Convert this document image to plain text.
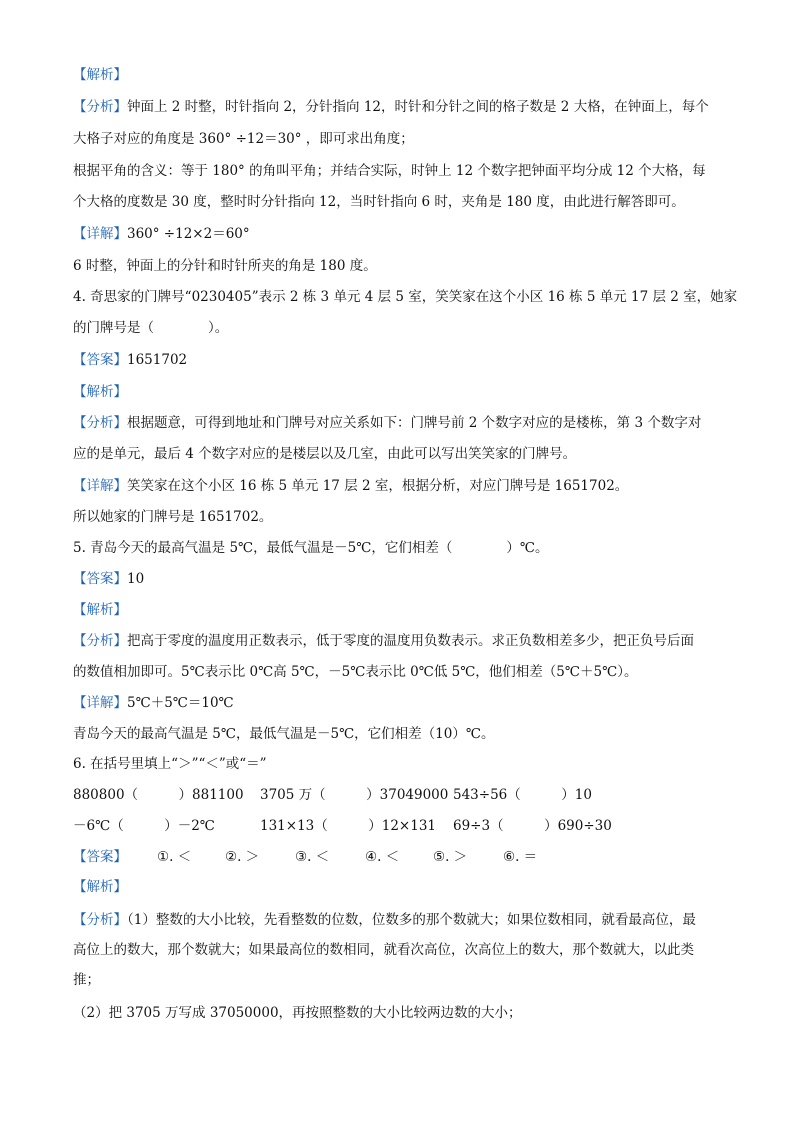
【解析】
【分析】钟面上 2 时整，时针指向 2，分针指向 12，时针和分针之间的格子数是 2 大格，在钟面上，每个
大格子对应的角度是 360° ÷12＝30° ，即可求出角度；
根据平角的含义：等于 180° 的角叫平角；并结合实际，时钟上 12 个数字把钟面平均分成 12 个大格，每
个大格的度数是 30 度，整时时分针指向 12，当时针指向 6 时，夹角是 180 度，由此进行解答即可。
【详解】360° ÷12×2＝60°
6 时整，钟面上的分针和时针所夹的角是 180 度。
4. 奇思家的门牌号“0230405”表示 2 栋 3 单元 4 层 5 室，笑笑家在这个小区 16 栋 5 单元 17 层 2 室，她家
的门牌号是（　　　　）。
【答案】1651702
【解析】
【分析】根据题意，可得到地址和门牌号对应关系如下：门牌号前 2 个数字对应的是楼栋，第 3 个数字对
应的是单元，最后 4 个数字对应的是楼层以及几室，由此可以写出笑笑家的门牌号。
【详解】笑笑家在这个小区 16 栋 5 单元 17 层 2 室，根据分析，对应门牌号是 1651702。
所以她家的门牌号是 1651702。
5. 青岛今天的最高气温是 5℃，最低气温是－5℃，它们相差（　　　　）℃。
【答案】10
【解析】
【分析】把高于零度的温度用正数表示，低于零度的温度用负数表示。求正负数相差多少，把正负号后面
的数值相加即可。5℃表示比 0℃高 5℃，－5℃表示比 0℃低 5℃，他们相差（5℃＋5℃）。
【详解】5℃＋5℃＝10℃
青岛今天的最高气温是 5℃，最低气温是－5℃，它们相差（10）℃。
6. 在括号里填上“＞”“＜”或“＝”
880800（　　　）881100 3705 万（　　　）37049000 543÷56（　　　）10
－6℃（　　　）－2℃	131×13（　　　）12×131 69÷3（　　　）690÷30
【答案】 ①. ＜	②. ＞	③. ＜	④. ＜	⑤. ＞	⑥. ＝
【解析】
【分析】（1）整数的大小比较，先看整数的位数，位数多的那个数就大；如果位数相同，就看最高位，最
高位上的数大，那个数就大；如果最高位的数相同，就看次高位，次高位上的数大，那个数就大，以此类
推；
（2）把 3705 万写成 37050000，再按照整数的大小比较两边数的大小；
